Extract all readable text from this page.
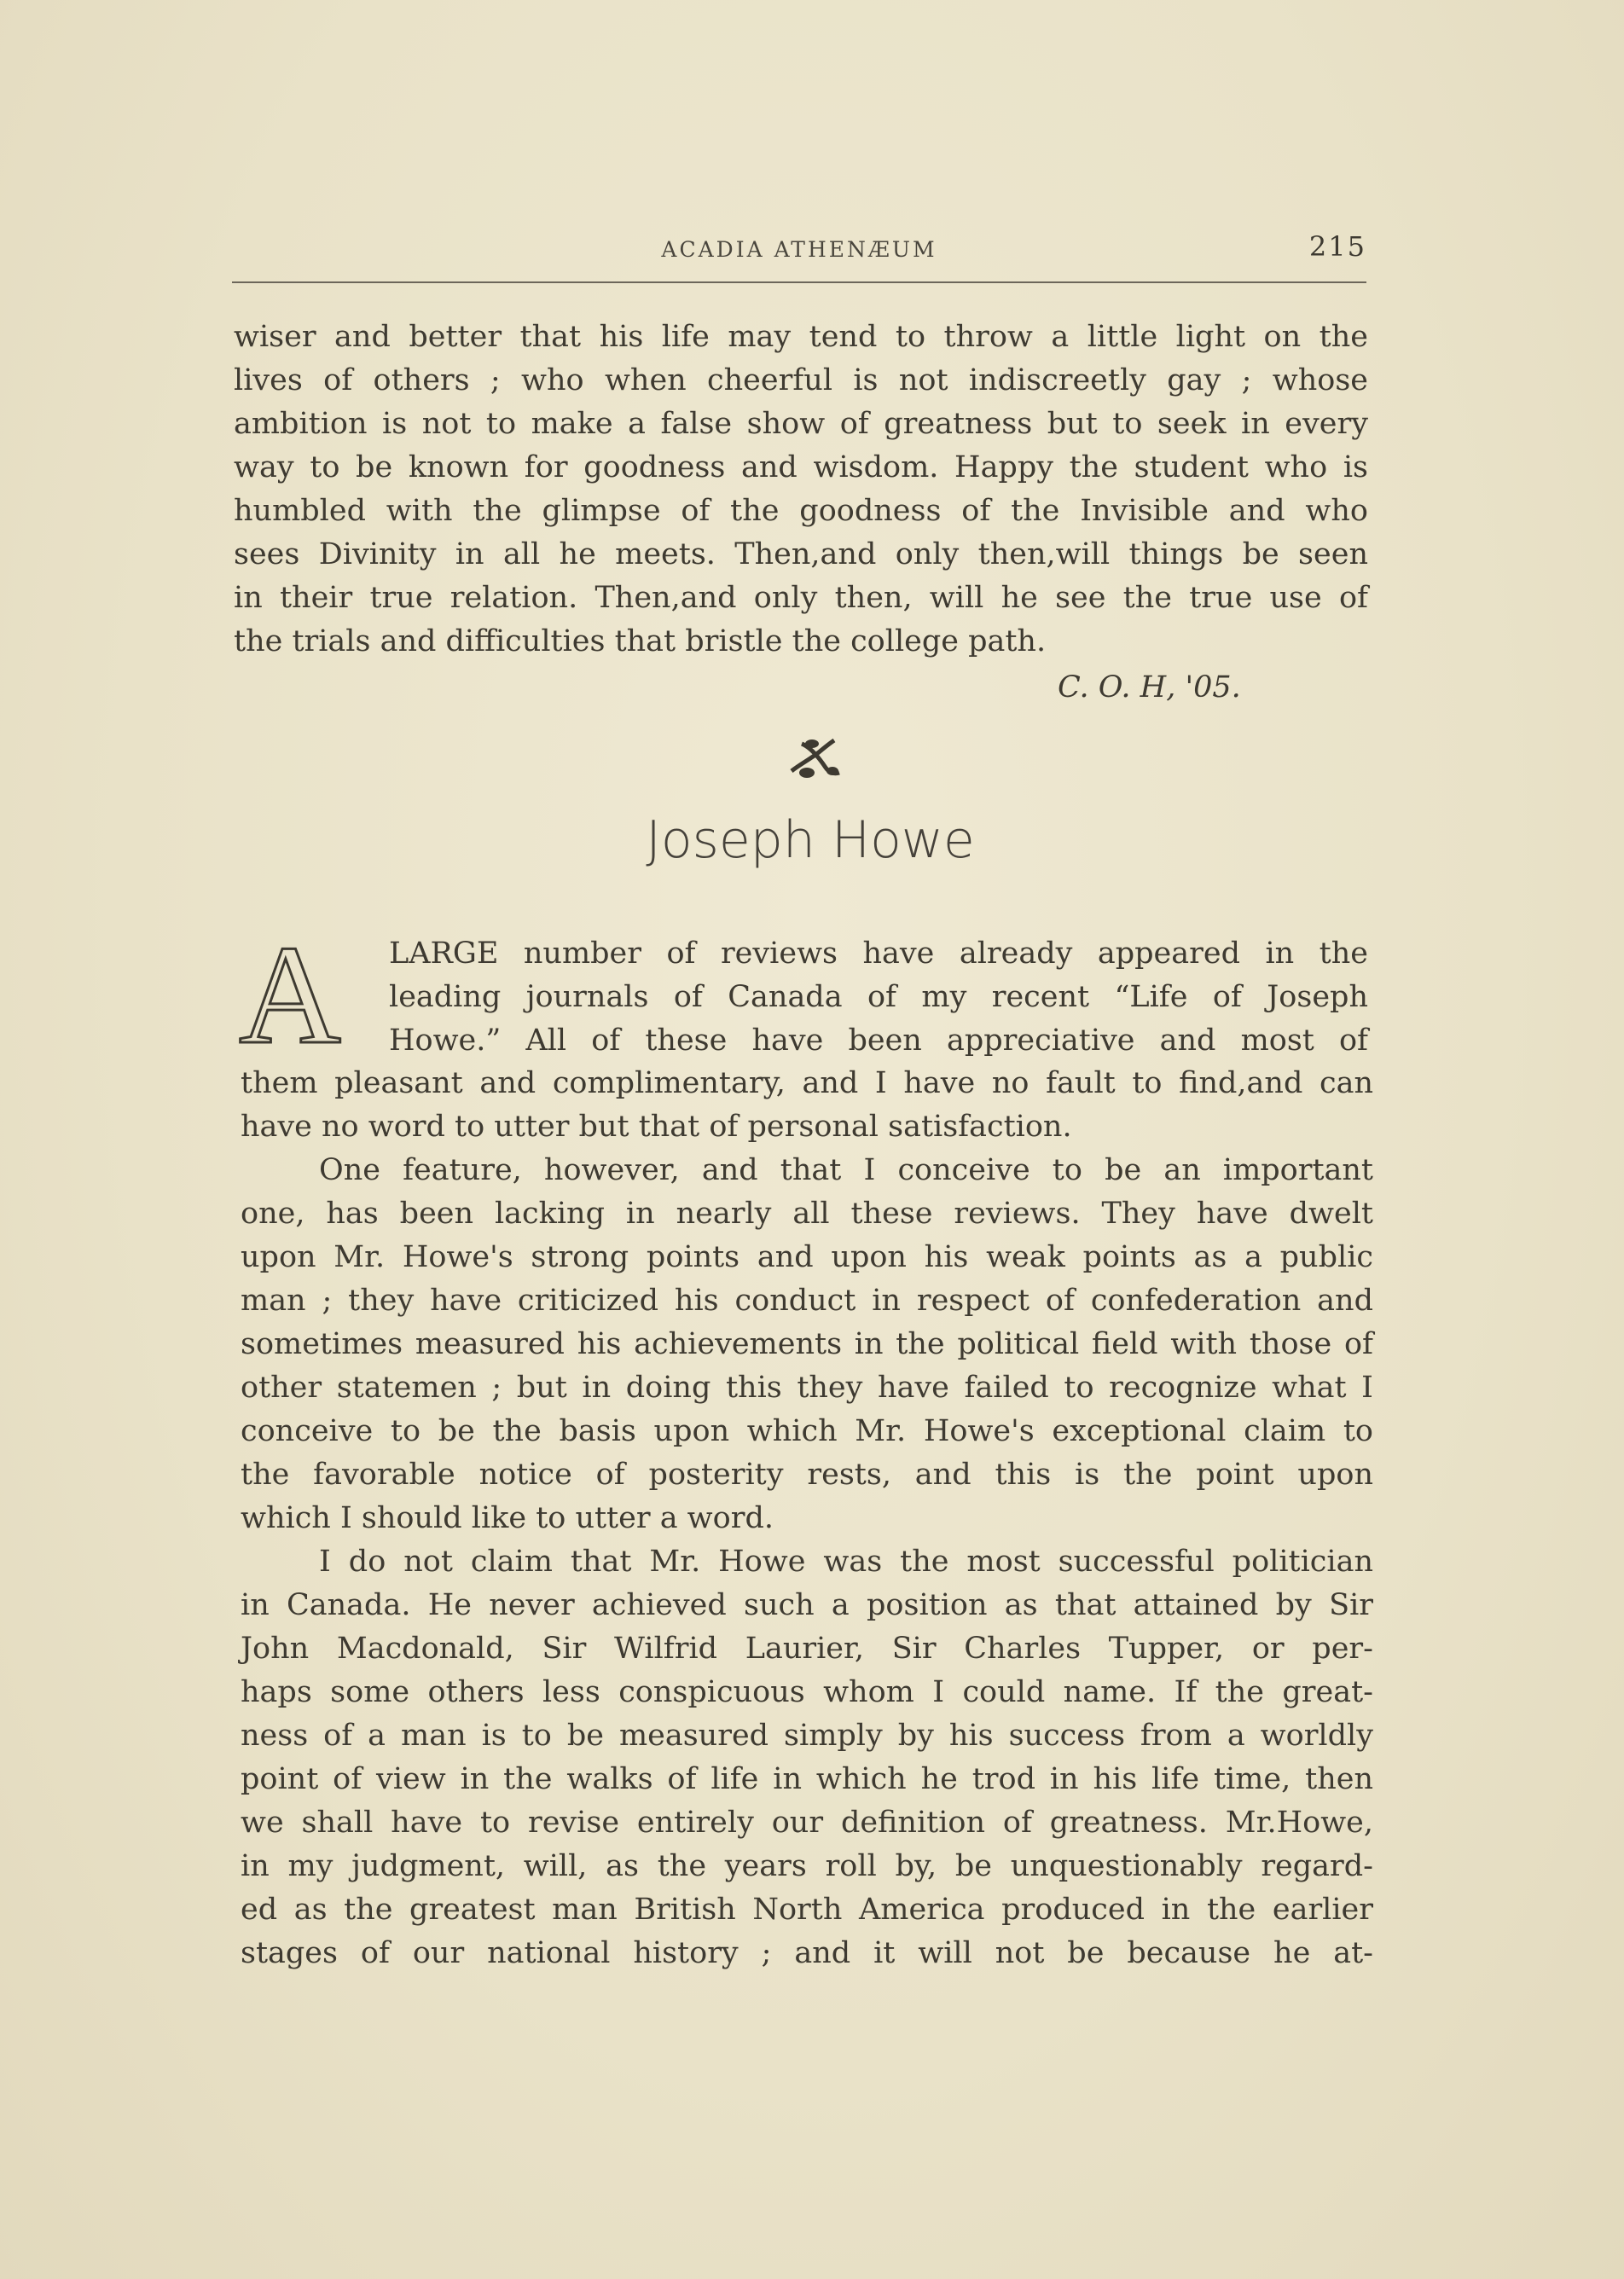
ACADIA ATHENÆUM	215
wiser and better that his life may tend to throw a little light on the
lives of others ; who when cheerful is not indiscreetly gay ; whose
ambition is not to make a false show of greatness but to seek in every
way to be known for goodness and wisdom. Happy the student who is
humbled with the glimpse of the goodness of the Invisible and who
sees Divinity in all he meets. Then,and only then,will things be seen
in their true relation. Then,and only then, will he see the true use of
the trials and difficulties that bristle the college path.
C. O. H, '05.
Joseph Howe
A LARGE number of reviews have already appeared in the
leading journals of Canada of my recent “Life of Joseph
Howe.” All of these have been appreciative and most of
them pleasant and complimentary, and I have no fault to find,and can
have no word to utter but that of personal satisfaction.
One feature, however, and that I conceive to be an important
one, has been lacking in nearly all these reviews. They have dwelt
upon Mr. Howe's strong points and upon his weak points as a public
man ; they have criticized his conduct in respect of confederation and
sometimes measured his achievements in the political field with those of
other statemen ; but in doing this they have failed to recognize what I
conceive to be the basis upon which Mr. Howe's exceptional claim to
the favorable notice of posterity rests, and this is the point upon
which I should like to utter a word.
I do not claim that Mr. Howe was the most successful politician
in Canada. He never achieved such a position as that attained by Sir
John Macdonald, Sir Wilfrid Laurier, Sir Charles Tupper, or per-
haps some others less conspicuous whom I could name. If the great-
ness of a man is to be measured simply by his success from a worldly
point of view in the walks of life in which he trod in his life time, then
we shall have to revise entirely our definition of greatness. Mr.Howe,
in my judgment, will, as the years roll by, be unquestionably regard-
ed as the greatest man British North America produced in the earlier
stages of our national history ; and it will not be because he at-
